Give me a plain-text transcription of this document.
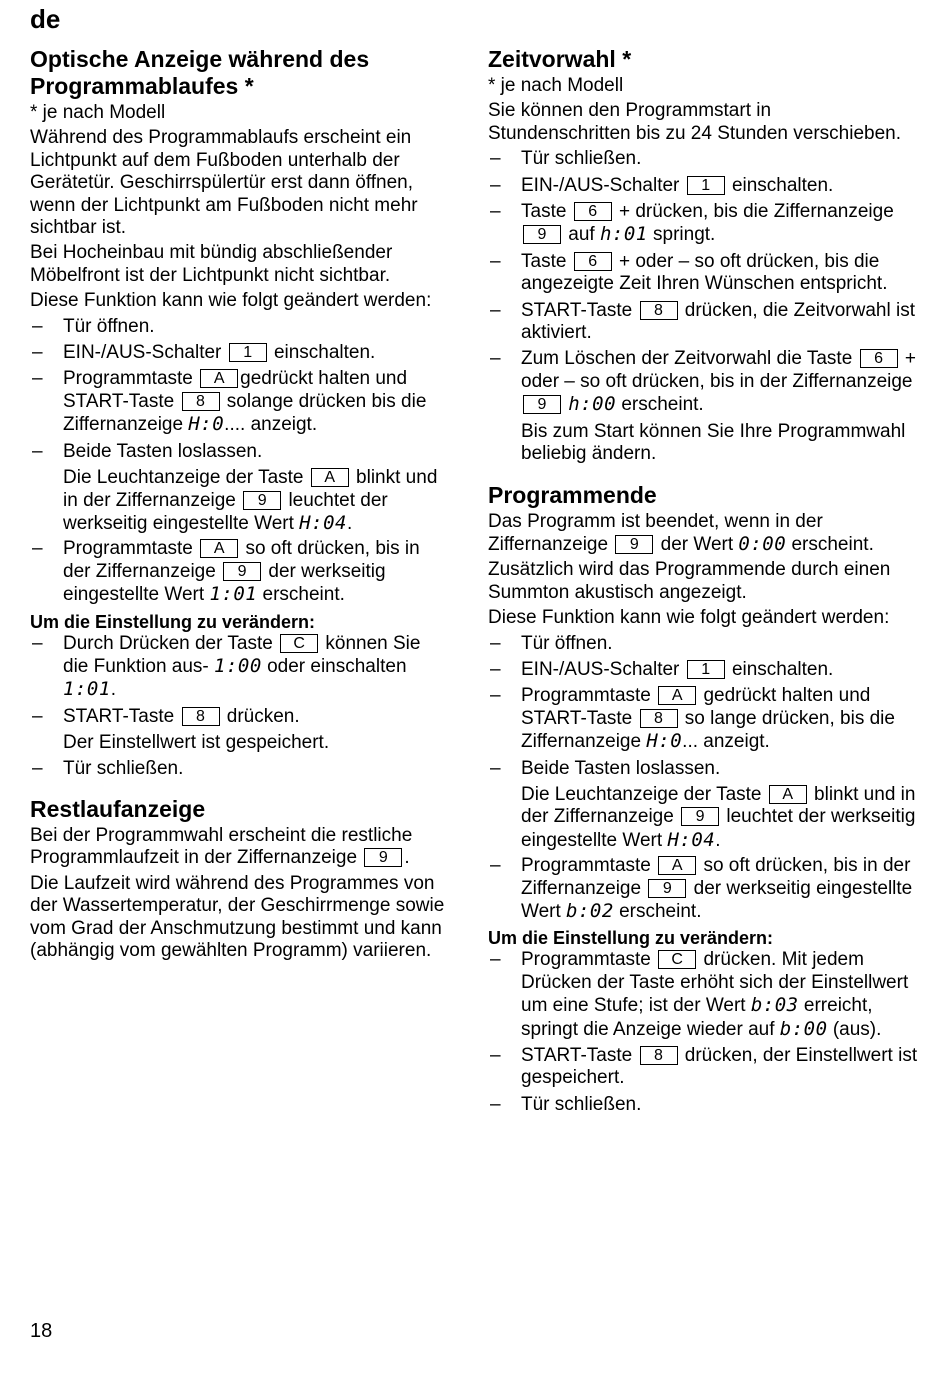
de
Optische Anzeige während des Programmablaufes *

* je nach Modell

Während des Programmablaufs erscheint ein Lichtpunkt auf dem Fußboden unterhalb der Gerätetür. Geschirrspülertür erst dann öffnen, wenn der Lichtpunkt am Fußboden nicht mehr sichtbar ist.

Bei Hocheinbau mit bündig abschließender Möbelfront ist der Lichtpunkt nicht sichtbar.

Diese Funktion kann wie folgt geändert werden:

– Tür öffnen.
– EIN-/AUS-Schalter 1 einschalten.
– Programmtaste A gedrückt halten und START-Taste 8 solange drücken bis die Ziffernanzeige H:0.... anzeigt.
– Beide Tasten loslassen.

Die Leuchtanzeige der Taste A blinkt und in der Ziffernanzeige 9 leuchtet der werkseitig eingestellte Wert H:04.

– Programmtaste A so oft drücken, bis in der Ziffernanzeige 9 der werkseitig eingestellte Wert 1:01 erscheint.
Um die Einstellung zu verändern:
– Durch Drücken der Taste C können Sie die Funktion aus- 1:00 oder einschalten 1:01.
– START-Taste 8 drücken.

Der Einstellwert ist gespeichert.

– Tür schließen.
Restlaufanzeige

Bei der Programmwahl erscheint die restliche Programmlaufzeit in der Ziffernanzeige 9 .

Die Laufzeit wird während des Programmes von der Wassertemperatur, der Geschirrmenge sowie vom Grad der Anschmutzung bestimmt und kann (abhängig vom gewählten Programm) variieren.

Zeitvorwahl *

* je nach Modell

Sie können den Programmstart in Stundenschritten bis zu 24 Stunden verschieben.

– Tür schließen.
– EIN-/AUS-Schalter 1 einschalten.
– Taste 6 + drücken, bis die Ziffernanzeige 9 auf h:01 springt.
– Taste 6 + oder – so oft drücken, bis die angezeigte Zeit Ihren Wünschen entspricht.
– START-Taste 8 drücken, die Zeitvorwahl ist aktiviert.
– Zum Löschen der Zeitvorwahl die Taste 6 + oder – so oft drücken, bis in der Ziffernanzeige 9 h:00 erscheint.

Bis zum Start können Sie Ihre Programmwahl beliebig ändern.

Programmende

Das Programm ist beendet, wenn in der Ziffernanzeige 9 der Wert 0:00 erscheint.

Zusätzlich wird das Programmende durch einen Summton akustisch angezeigt.

Diese Funktion kann wie folgt geändert werden:

– Tür öffnen.
– EIN-/AUS-Schalter 1 einschalten.
– Programmtaste A gedrückt halten und START-Taste 8 so lange drücken, bis die Ziffernanzeige H:0... anzeigt.
– Beide Tasten loslassen.

Die Leuchtanzeige der Taste A blinkt und in der Ziffernanzeige 9 leuchtet der werkseitig eingestellte Wert H:04.

– Programmtaste A so oft drücken, bis in der Ziffernanzeige 9 der werkseitig eingestellte Wert b:02 erscheint.
Um die Einstellung zu verändern:
– Programmtaste C drücken. Mit jedem Drücken der Taste erhöht sich der Einstellwert um eine Stufe; ist der Wert b:03 erreicht, springt die Anzeige wieder auf b:00 (aus).
– START-Taste 8 drücken, der Einstellwert ist gespeichert.
– Tür schließen.
18
